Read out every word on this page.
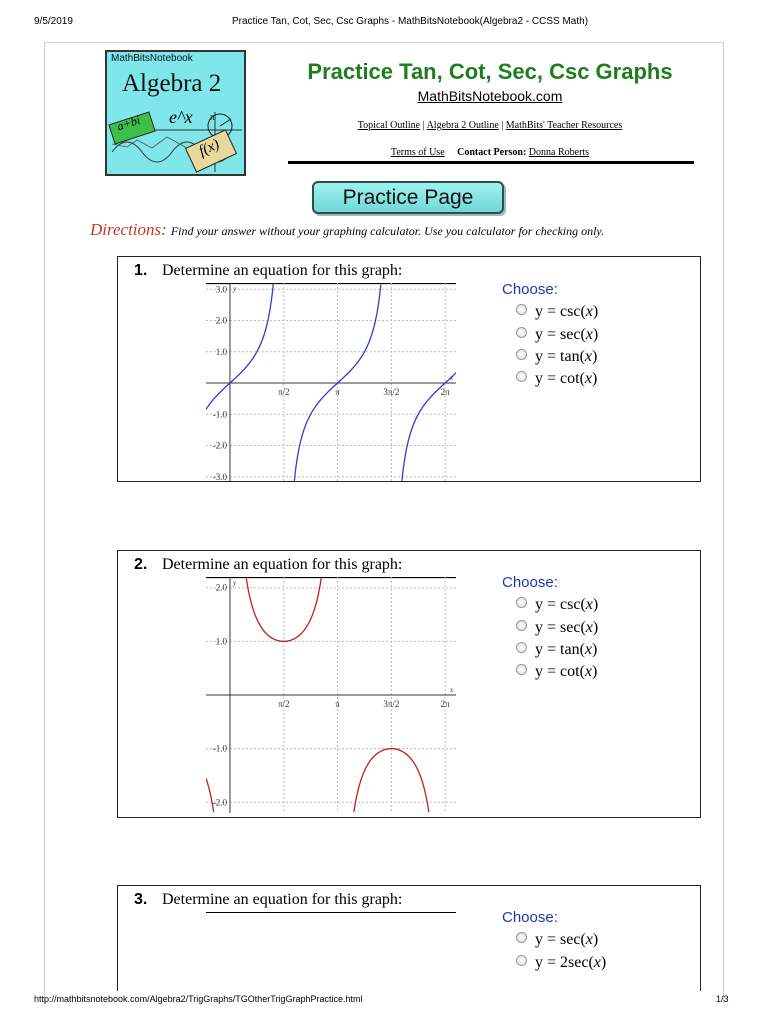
9/5/2019	Practice Tan, Cot, Sec, Csc Graphs - MathBitsNotebook(Algebra2 - CCSS Math)
MathBitsNotebook
Algebra 2
a+bi e^x
f(x)
π
Practice Tan, Cot, Sec, Csc Graphs
MathBitsNotebook.com
Topical Outline | Algebra 2 Outline | MathBits' Teacher Resources
Terms of Use Contact Person: Donna Roberts
Practice Page
Directions: Find your answer without your graphing calculator. Use you calculator for checking only.
1. Determine an equation for this graph:
π/2	π	3π/2	2π
3.0
2.0
1.0
-1.0
-2.0
-3.0
x
y	Choose:
y = csc(x)
y = sec(x)
y = tan(x)
y = cot(x)
2. Determine an equation for this graph:
π/2	π	3π/2	2π
2.0
1.0
-1.0
-2.0
x
y	Choose:
y = csc(x)
y = sec(x)
y = tan(x)
y = cot(x)
3. Determine an equation for this graph:
Choose:
y = sec(x)
y = 2sec(x)
http://mathbitsnotebook.com/Algebra2/TrigGraphs/TGOtherTrigGraphPractice.html	1/3
